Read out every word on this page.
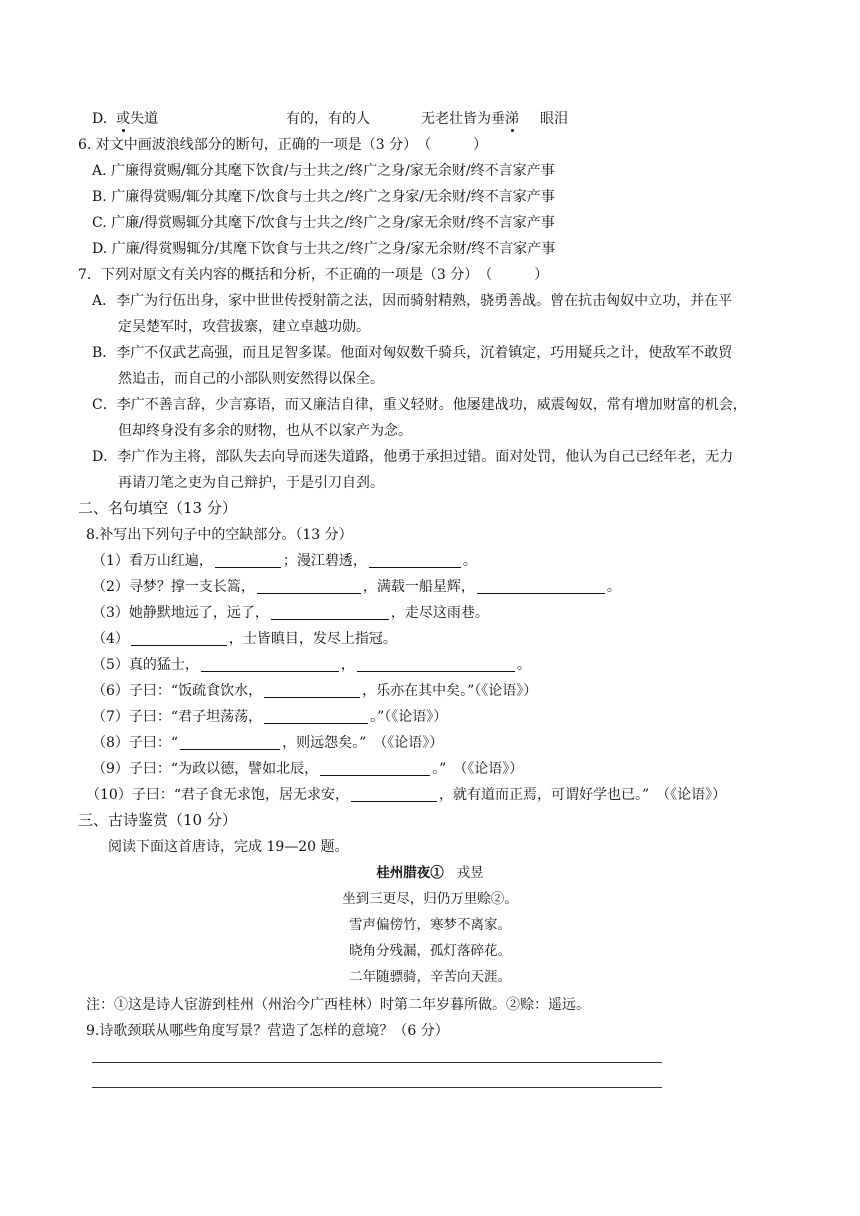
D. 或失道	有的，有的人	无老壮皆为垂涕 眼泪
6. 对文中画波浪线部分的断句，正确的一项是（3 分）　（　　　）
A. 广廉得赏赐/辄分其麾下饮食/与士共之/终广之身/家无余财/终不言家产事
B. 广廉得赏赐/辄分其麾下/饮食与士共之/终广之身家/无余财/终不言家产事
C. 广廉/得赏赐辄分其麾下/饮食与士共之/终广之身/家无余财/终不言家产事
D. 广廉/得赏赐辄分/其麾下饮食与士共之/终广之身/家无余财/终不言家产事
7．下列对原文有关内容的概括和分析，不正确的一项是（3 分）　（　　　）
A．李广为行伍出身，家中世世传授射箭之法，因而骑射精熟，骁勇善战。曾在抗击匈奴中立功，并在平
定吴楚军时，攻营拔寨，建立卓越功勋。
B．李广不仅武艺高强，而且足智多谋。他面对匈奴数千骑兵，沉着镇定，巧用疑兵之计，使敌军不敢贸
然追击，而自己的小部队则安然得以保全。
C．李广不善言辞，少言寡语，而又廉洁自律，重义轻财。他屡建战功，威震匈奴，常有增加财富的机会，
但却终身没有多余的财物，也从不以家产为念。
D．李广作为主将，部队失去向导而迷失道路，他勇于承担过错。面对处罚，他认为自己已经年老，无力
再请刀笔之吏为自己辩护，于是引刀自刭。
二、名句填空（13 分）
8.补写出下列句子中的空缺部分。（13 分）
（1）看万山红遍，	；漫江碧透，	。
（2）寻梦？撑一支长篙，	，满载一船星辉，	。
（3）她静默地远了，远了，	，走尽这雨巷。
（4）	，士皆瞋目，发尽上指冠。
（5）真的猛士，	，	。
（6）子曰：“饭疏食饮水，	，乐亦在其中矣。”（《论语》）
（7）子曰：“君子坦荡荡，	。”（《论语》）
（8）子曰：“	，则远怨矣。”　（《论语》）
（9）子曰：“为政以德，譬如北辰，	。”　（《论语》）
（10）子曰：“君子食无求饱，居无求安，	，就有道而正焉，可谓好学也已。”　（《论语》）
三、古诗鉴赏（10 分）
阅读下面这首唐诗，完成 19—20 题。
桂州腊夜① 戎昱
坐到三更尽，归仍万里赊②。
雪声偏傍竹，寒梦不离家。
晓角分残漏，孤灯落碎花。
二年随骠骑，辛苦向天涯。
注：①这是诗人宦游到桂州（州治今广西桂林）时第二年岁暮所做。②赊：遥远。
9.诗歌颈联从哪些角度写景？营造了怎样的意境？（6 分）
